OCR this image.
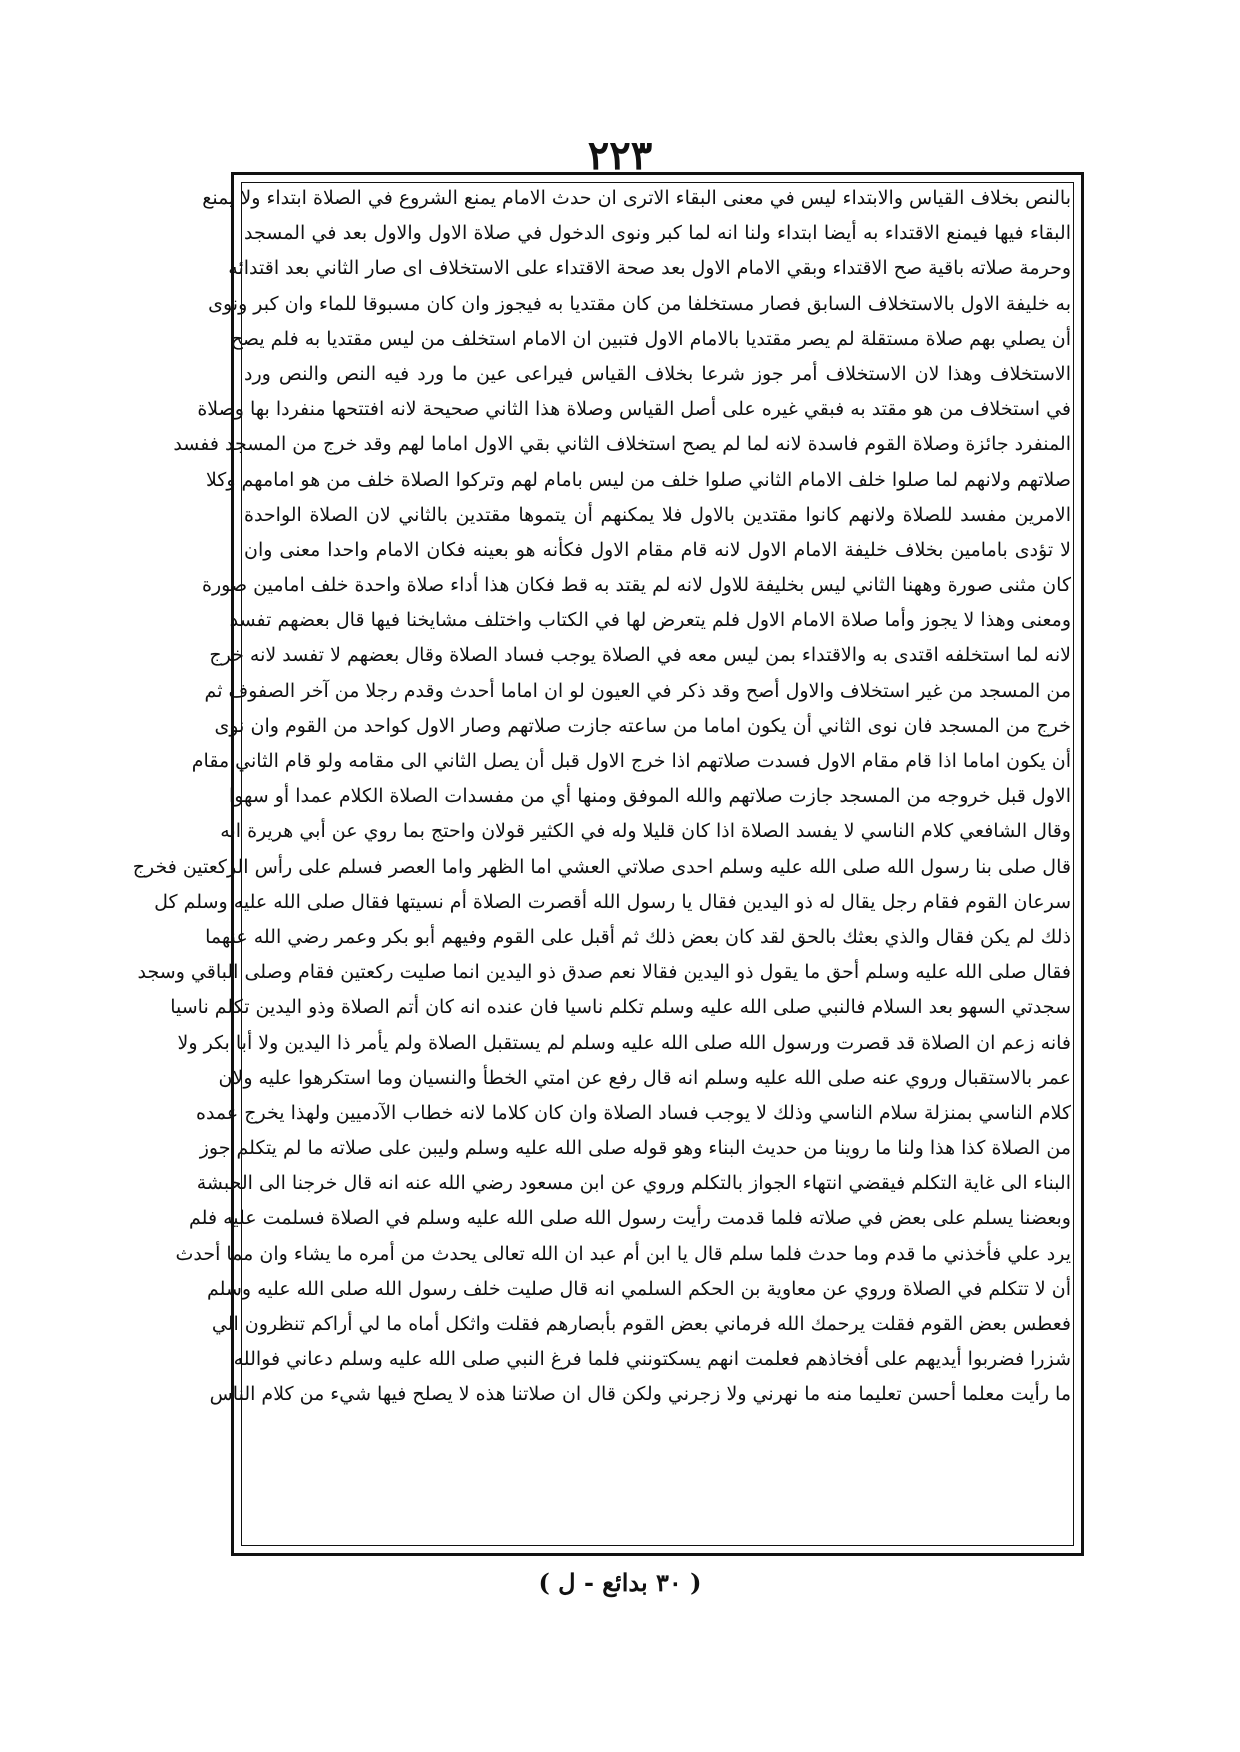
٢٢٣
بالنص بخلاف القياس والابتداء ليس في معنى البقاء الاترى ان حدث الامام يمنع الشروع في الصلاة ابتداء ولا يمنع
البقاء فيها فيمنع الاقتداء به أيضا ابتداء ولنا انه لما كبر ونوى الدخول في صلاة الاول والاول بعد في المسجد
وحرمة صلاته باقية صح الاقتداء وبقي الامام الاول بعد صحة الاقتداء على الاستخلاف اى صار الثاني بعد اقتدائه
به خليفة الاول بالاستخلاف السابق فصار مستخلفا من كان مقتديا به فيجوز وان كان مسبوقا للماء وان كبر ونوى
أن يصلي بهم صلاة مستقلة لم يصر مقتديا بالامام الاول فتبين ان الامام استخلف من ليس مقتديا به فلم يصح
الاستخلاف وهذا لان الاستخلاف أمر جوز شرعا بخلاف القياس فيراعى عين ما ورد فيه النص والنص ورد
في استخلاف من هو مقتد به فبقي غيره على أصل القياس وصلاة هذا الثاني صحيحة لانه افتتحها منفردا بها وصلاة
المنفرد جائزة وصلاة القوم فاسدة لانه لما لم يصح استخلاف الثاني بقي الاول اماما لهم وقد خرج من المسجد ففسد
صلاتهم ولانهم لما صلوا خلف الامام الثاني صلوا خلف من ليس بامام لهم وتركوا الصلاة خلف من هو امامهم وكلا
الامرين مفسد للصلاة ولانهم كانوا مقتدين بالاول فلا يمكنهم أن يتموها مقتدين بالثاني لان الصلاة الواحدة
لا تؤدى بامامين بخلاف خليفة الامام الاول لانه قام مقام الاول فكأنه هو بعينه فكان الامام واحدا معنى وان
كان مثنى صورة وههنا الثاني ليس بخليفة للاول لانه لم يقتد به قط فكان هذا أداء صلاة واحدة خلف امامين صورة
ومعنى وهذا لا يجوز وأما صلاة الامام الاول فلم يتعرض لها في الكتاب واختلف مشايخنا فيها قال بعضهم تفسد
لانه لما استخلفه اقتدى به والاقتداء بمن ليس معه في الصلاة يوجب فساد الصلاة وقال بعضهم لا تفسد لانه خرج
من المسجد من غير استخلاف والاول أصح وقد ذكر في العيون لو ان اماما أحدث وقدم رجلا من آخر الصفوف ثم
خرج من المسجد فان نوى الثاني أن يكون اماما من ساعته جازت صلاتهم وصار الاول كواحد من القوم وان نوى
أن يكون اماما اذا قام مقام الاول فسدت صلاتهم اذا خرج الاول قبل أن يصل الثاني الى مقامه ولو قام الثاني مقام
الاول قبل خروجه من المسجد جازت صلاتهم والله الموفق ومنها أي من مفسدات الصلاة الكلام عمدا أو سهوا
وقال الشافعي كلام الناسي لا يفسد الصلاة اذا كان قليلا وله في الكثير قولان واحتج بما روي عن أبي هريرة انه
قال صلى بنا رسول الله صلى الله عليه وسلم احدى صلاتي العشي اما الظهر واما العصر فسلم على رأس الركعتين فخرج
سرعان القوم فقام رجل يقال له ذو اليدين فقال يا رسول الله أقصرت الصلاة أم نسيتها فقال صلى الله عليه وسلم كل
ذلك لم يكن فقال والذي بعثك بالحق لقد كان بعض ذلك ثم أقبل على القوم وفيهم أبو بكر وعمر رضي الله عنهما
فقال صلى الله عليه وسلم أحق ما يقول ذو اليدين فقالا نعم صدق ذو اليدين انما صليت ركعتين فقام وصلى الباقي وسجد
سجدتي السهو بعد السلام فالنبي صلى الله عليه وسلم تكلم ناسيا فان عنده انه كان أتم الصلاة وذو اليدين تكلم ناسيا
فانه زعم ان الصلاة قد قصرت ورسول الله صلى الله عليه وسلم لم يستقبل الصلاة ولم يأمر ذا اليدين ولا أبا بكر ولا
عمر بالاستقبال وروي عنه صلى الله عليه وسلم انه قال رفع عن امتي الخطأ والنسيان وما استكرهوا عليه ولان
كلام الناسي بمنزلة سلام الناسي وذلك لا يوجب فساد الصلاة وان كان كلاما لانه خطاب الآدميين ولهذا يخرج عمده
من الصلاة كذا هذا ولنا ما روينا من حديث البناء وهو قوله صلى الله عليه وسلم وليبن على صلاته ما لم يتكلم جوز
البناء الى غاية التكلم فيقضي انتهاء الجواز بالتكلم وروي عن ابن مسعود رضي الله عنه انه قال خرجنا الى الحبشة
وبعضنا يسلم على بعض في صلاته فلما قدمت رأيت رسول الله صلى الله عليه وسلم في الصلاة فسلمت عليه فلم
يرد علي فأخذني ما قدم وما حدث فلما سلم قال يا ابن أم عبد ان الله تعالى يحدث من أمره ما يشاء وان مما أحدث
أن لا تتكلم في الصلاة وروي عن معاوية بن الحكم السلمي انه قال صليت خلف رسول الله صلى الله عليه وسلم
فعطس بعض القوم فقلت يرحمك الله فرماني بعض القوم بأبصارهم فقلت واثكل أماه ما لي أراكم تنظرون الي
شزرا فضربوا أيديهم على أفخاذهم فعلمت انهم يسكتونني فلما فرغ النبي صلى الله عليه وسلم دعاني فوالله
ما رأيت معلما أحسن تعليما منه ما نهرني ولا زجرني ولكن قال ان صلاتنا هذه لا يصلح فيها شيء من كلام الناس
( ٣٠ بدائع - ل )
